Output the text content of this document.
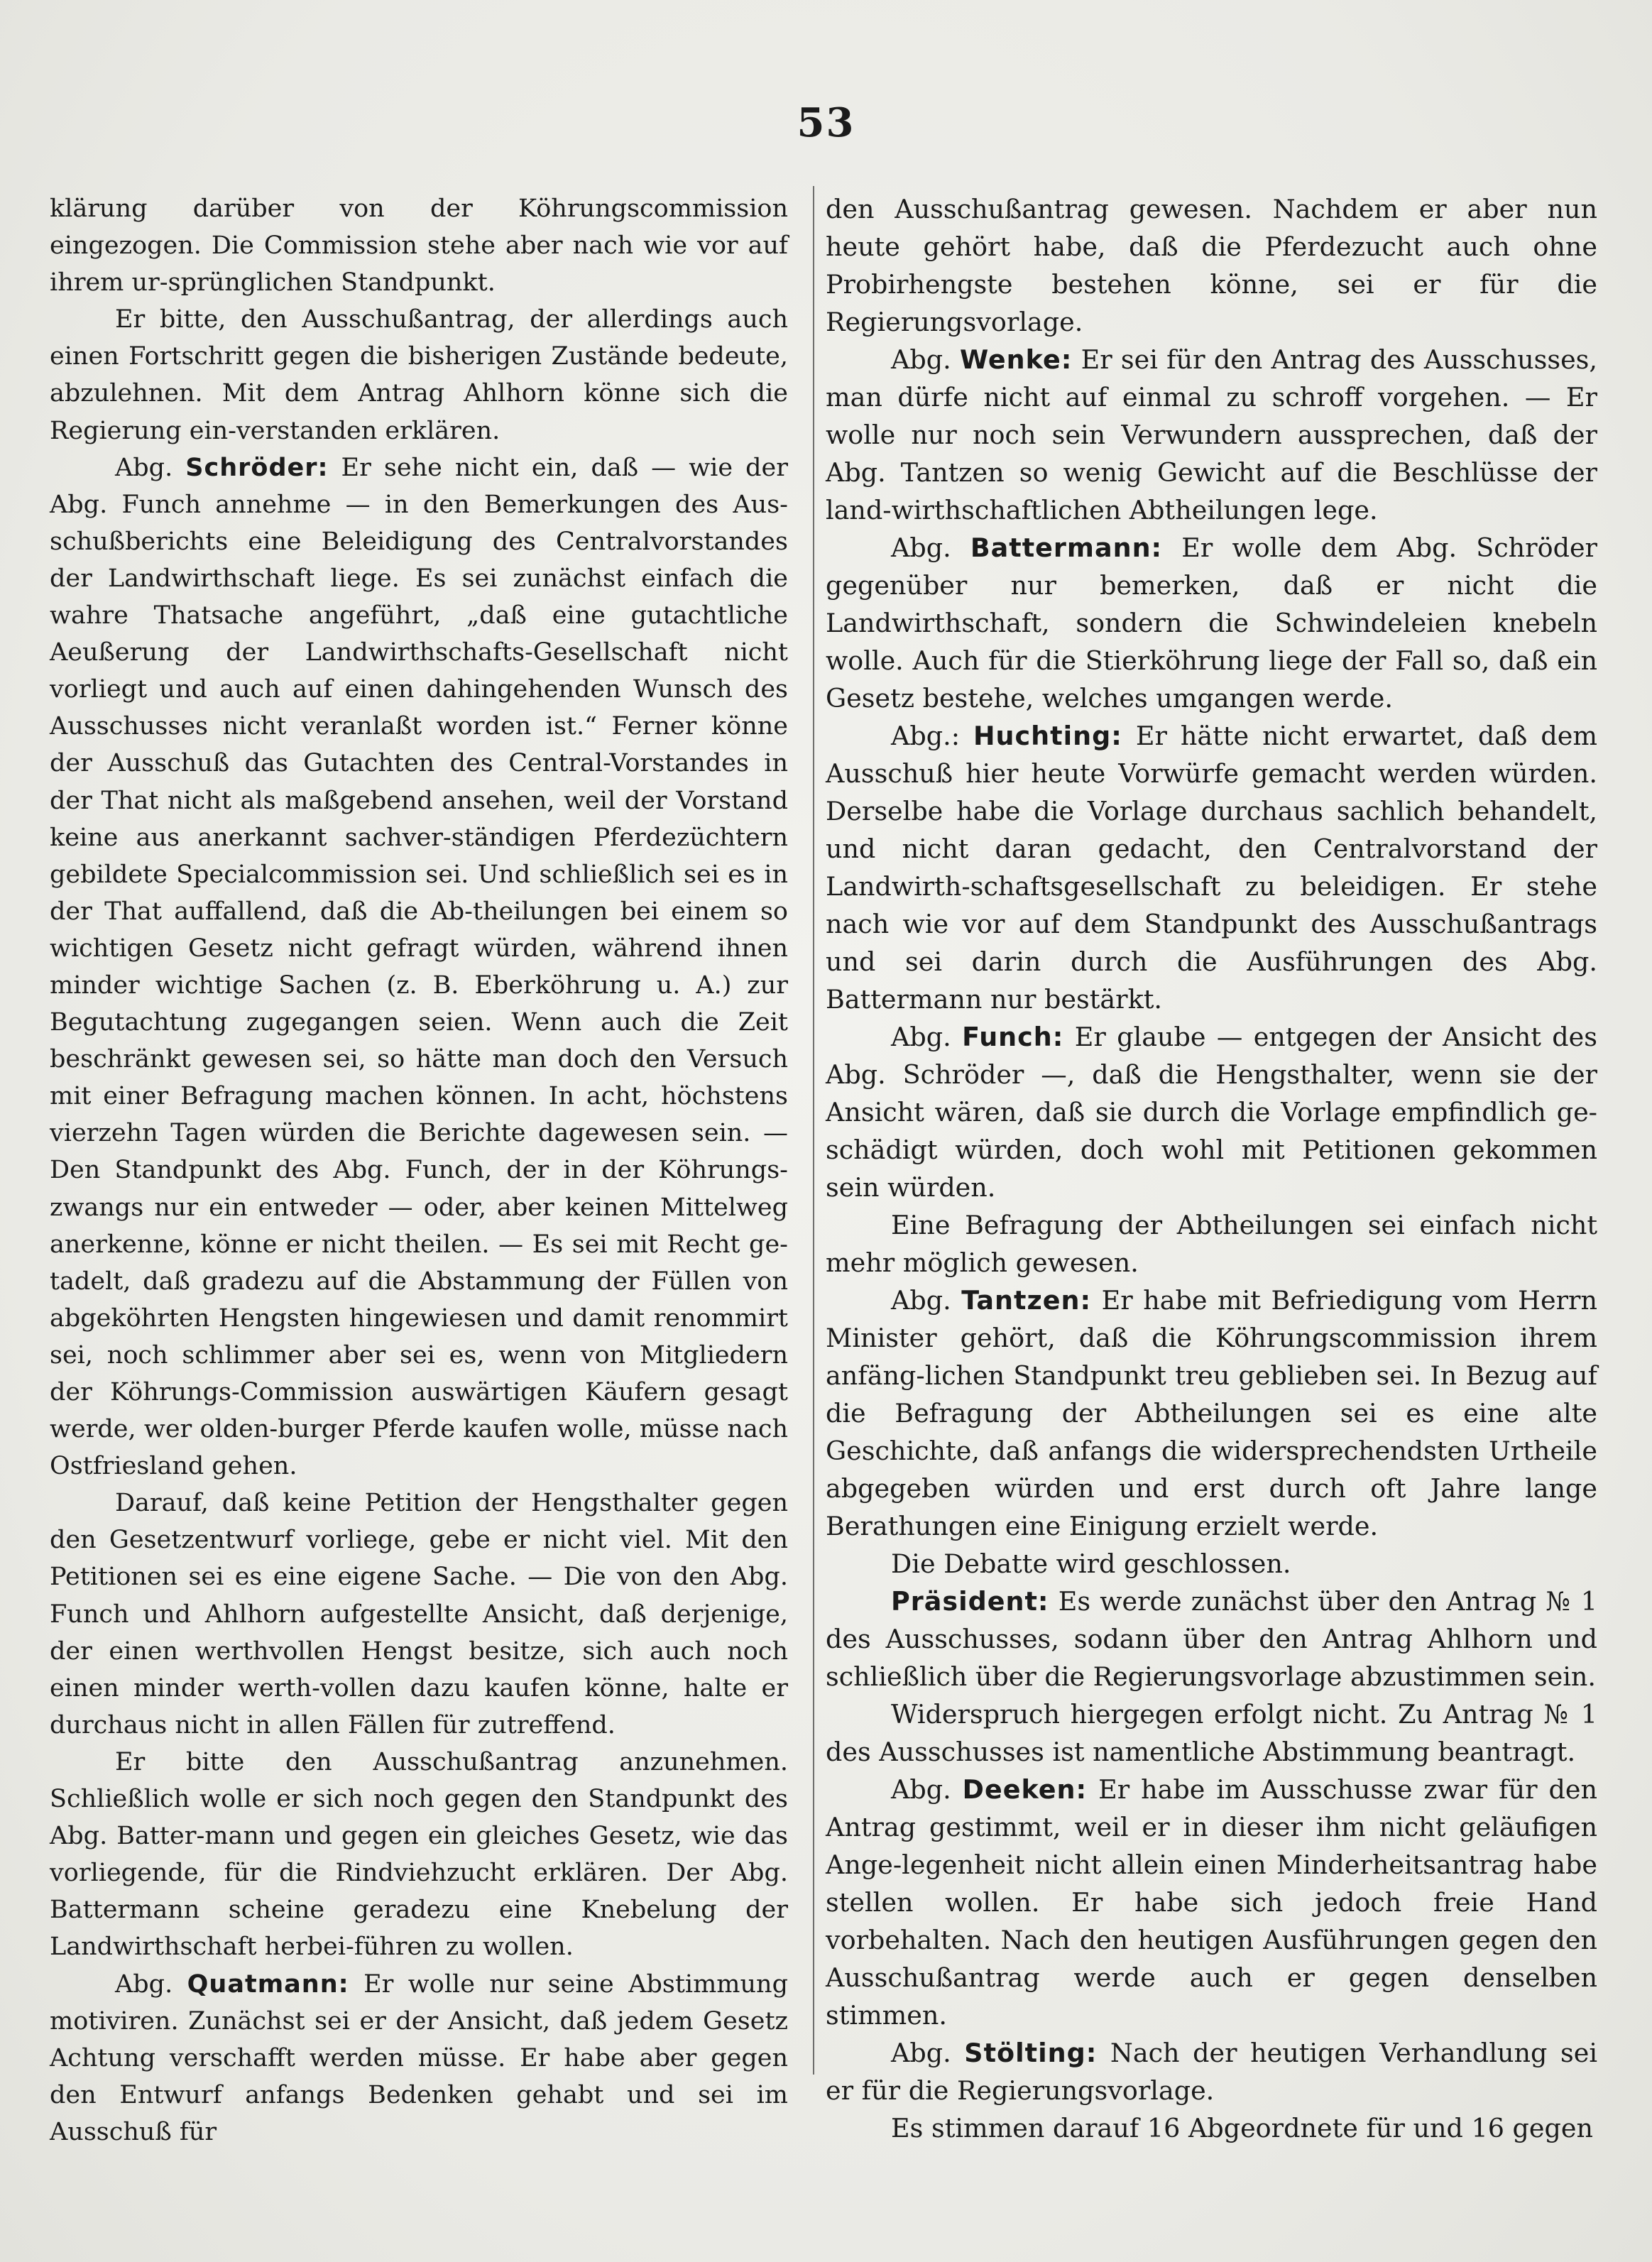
53

klärung darüber von der Köhrungscommission eingezogen. Die Commission stehe aber nach wie vor auf ihrem ur-sprünglichen Standpunkt.

Er bitte, den Ausschußantrag, der allerdings auch einen Fortschritt gegen die bisherigen Zustände bedeute, abzulehnen. Mit dem Antrag Ahlhorn könne sich die Regierung ein-verstanden erklären.

Abg. Schröder: Er sehe nicht ein, daß — wie der Abg. Funch annehme — in den Bemerkungen des Aus-schußberichts eine Beleidigung des Centralvorstandes der Landwirthschaft liege. Es sei zunächst einfach die wahre Thatsache angeführt, „daß eine gutachtliche Aeußerung der Landwirthschafts-Gesellschaft nicht vorliegt und auch auf einen dahingehenden Wunsch des Ausschusses nicht veranlaßt worden ist.“ Ferner könne der Ausschuß das Gutachten des Central-Vorstandes in der That nicht als maßgebend ansehen, weil der Vorstand keine aus anerkannt sachver-ständigen Pferdezüchtern gebildete Specialcommission sei. Und schließlich sei es in der That auffallend, daß die Ab-theilungen bei einem so wichtigen Gesetz nicht gefragt würden, während ihnen minder wichtige Sachen (z. B. Eberköhrung u. A.) zur Begutachtung zugegangen seien. Wenn auch die Zeit beschränkt gewesen sei, so hätte man doch den Versuch mit einer Befragung machen können. In acht, höchstens vierzehn Tagen würden die Berichte dagewesen sein. — Den Standpunkt des Abg. Funch, der in der Köhrungs-zwangs nur ein entweder — oder, aber keinen Mittelweg anerkenne, könne er nicht theilen. — Es sei mit Recht ge-tadelt, daß gradezu auf die Abstammung der Füllen von abgeköhrten Hengsten hingewiesen und damit renommirt sei, noch schlimmer aber sei es, wenn von Mitgliedern der Köhrungs-Commission auswärtigen Käufern gesagt werde, wer olden-burger Pferde kaufen wolle, müsse nach Ostfriesland gehen.

Darauf, daß keine Petition der Hengsthalter gegen den Gesetzentwurf vorliege, gebe er nicht viel. Mit den Petitionen sei es eine eigene Sache. — Die von den Abg. Funch und Ahlhorn aufgestellte Ansicht, daß derjenige, der einen werthvollen Hengst besitze, sich auch noch einen minder werth-vollen dazu kaufen könne, halte er durchaus nicht in allen Fällen für zutreffend.

Er bitte den Ausschußantrag anzunehmen. Schließlich wolle er sich noch gegen den Standpunkt des Abg. Batter-mann und gegen ein gleiches Gesetz, wie das vorliegende, für die Rindviehzucht erklären. Der Abg. Battermann scheine geradezu eine Knebelung der Landwirthschaft herbei-führen zu wollen.

Abg. Quatmann: Er wolle nur seine Abstimmung motiviren. Zunächst sei er der Ansicht, daß jedem Gesetz Achtung verschafft werden müsse. Er habe aber gegen den Entwurf anfangs Bedenken gehabt und sei im Ausschuß für

den Ausschußantrag gewesen. Nachdem er aber nun heute gehört habe, daß die Pferdezucht auch ohne Probirhengste bestehen könne, sei er für die Regierungsvorlage.

Abg. Wenke: Er sei für den Antrag des Ausschusses, man dürfe nicht auf einmal zu schroff vorgehen. — Er wolle nur noch sein Verwundern aussprechen, daß der Abg. Tantzen so wenig Gewicht auf die Beschlüsse der land-wirthschaftlichen Abtheilungen lege.

Abg. Battermann: Er wolle dem Abg. Schröder gegenüber nur bemerken, daß er nicht die Landwirthschaft, sondern die Schwindeleien knebeln wolle. Auch für die Stierköhrung liege der Fall so, daß ein Gesetz bestehe, welches umgangen werde.

Abg.: Huchting: Er hätte nicht erwartet, daß dem Ausschuß hier heute Vorwürfe gemacht werden würden. Derselbe habe die Vorlage durchaus sachlich behandelt, und nicht daran gedacht, den Centralvorstand der Landwirth-schaftsgesellschaft zu beleidigen. Er stehe nach wie vor auf dem Standpunkt des Ausschußantrags und sei darin durch die Ausführungen des Abg. Battermann nur bestärkt.

Abg. Funch: Er glaube — entgegen der Ansicht des Abg. Schröder —, daß die Hengsthalter, wenn sie der Ansicht wären, daß sie durch die Vorlage empfindlich ge-schädigt würden, doch wohl mit Petitionen gekommen sein würden.

Eine Befragung der Abtheilungen sei einfach nicht mehr möglich gewesen.

Abg. Tantzen: Er habe mit Befriedigung vom Herrn Minister gehört, daß die Köhrungscommission ihrem anfäng-lichen Standpunkt treu geblieben sei. In Bezug auf die Befragung der Abtheilungen sei es eine alte Geschichte, daß anfangs die widersprechendsten Urtheile abgegeben würden und erst durch oft Jahre lange Berathungen eine Einigung erzielt werde.

Die Debatte wird geschlossen.

Präsident: Es werde zunächst über den Antrag № 1 des Ausschusses, sodann über den Antrag Ahlhorn und schließlich über die Regierungsvorlage abzustimmen sein.

Widerspruch hiergegen erfolgt nicht. Zu Antrag № 1 des Ausschusses ist namentliche Abstimmung beantragt.

Abg. Deeken: Er habe im Ausschusse zwar für den Antrag gestimmt, weil er in dieser ihm nicht geläufigen Ange-legenheit nicht allein einen Minderheitsantrag habe stellen wollen. Er habe sich jedoch freie Hand vorbehalten. Nach den heutigen Ausführungen gegen den Ausschußantrag werde auch er gegen denselben stimmen.

Abg. Stölting: Nach der heutigen Verhandlung sei er für die Regierungsvorlage.

Es stimmen darauf 16 Abgeordnete für und 16 gegen
